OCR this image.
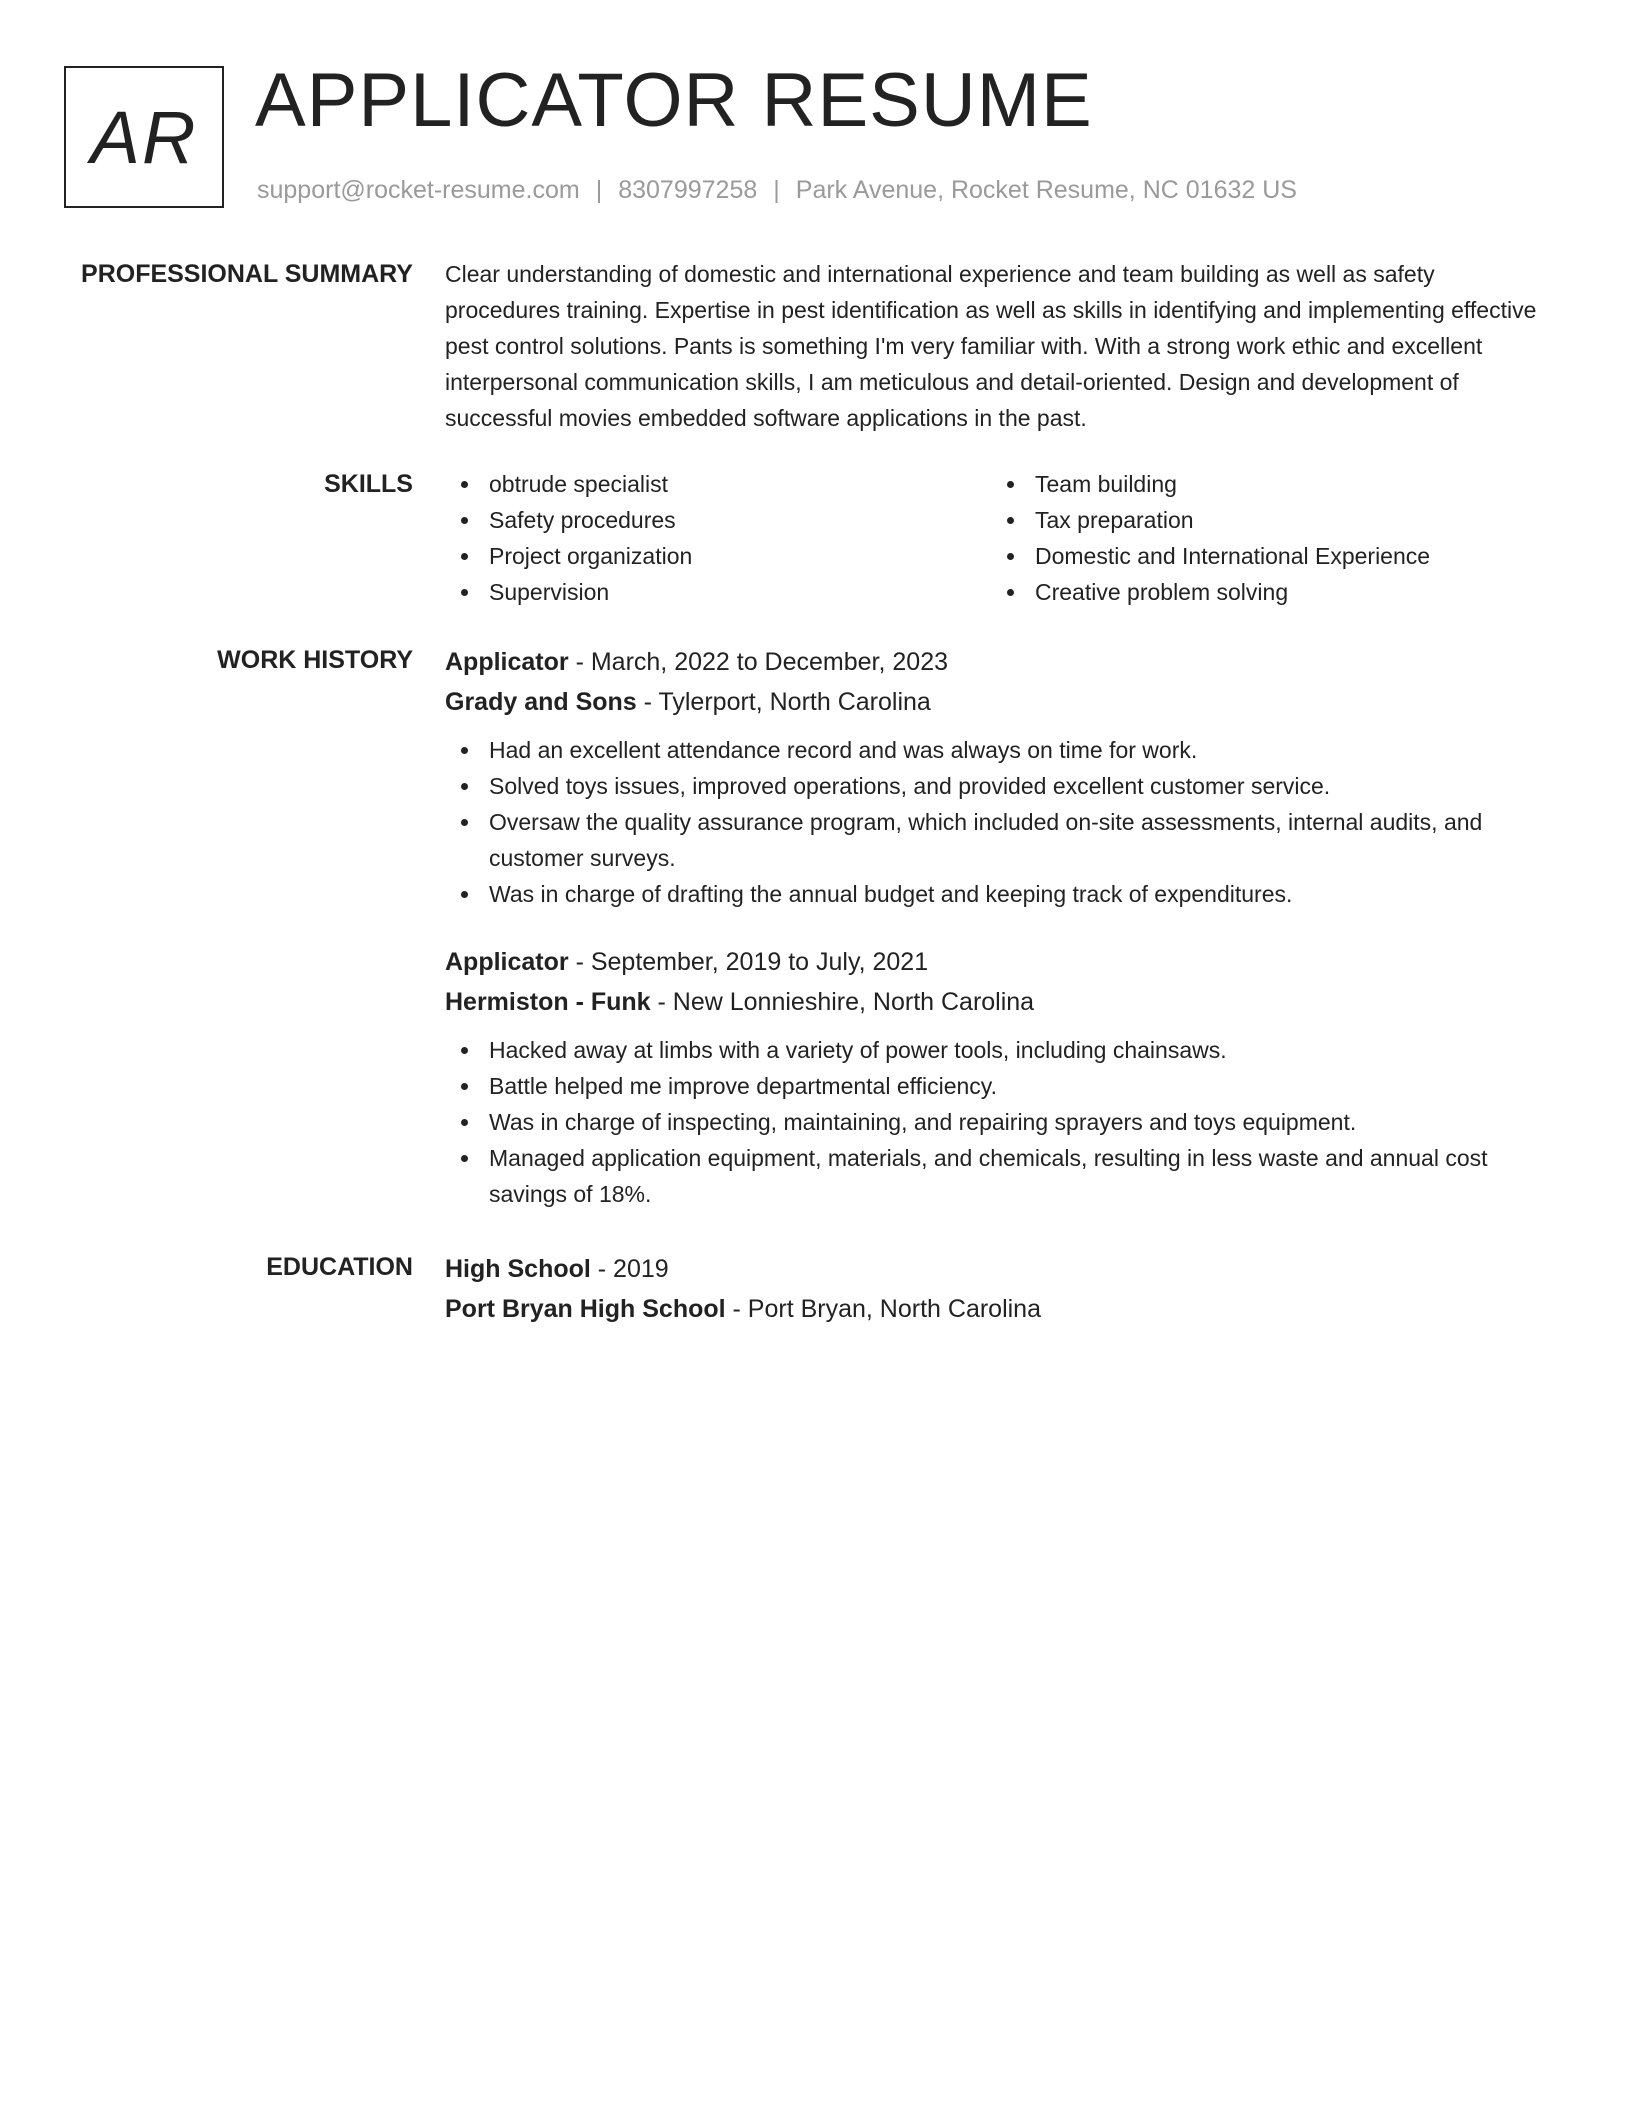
AR APPLICATOR RESUME
support@rocket-resume.com | 8307997258 | Park Avenue, Rocket Resume, NC 01632 US
PROFESSIONAL SUMMARY Clear understanding of domestic and international experience and team building as well as safety procedures training. Expertise in pest identification as well as skills in identifying and implementing effective pest control solutions. Pants is something I'm very familiar with. With a strong work ethic and excellent interpersonal communication skills, I am meticulous and detail-oriented. Design and development of successful movies embedded software applications in the past.

SKILLS	obtrude specialist
Safety procedures
Project organization
Supervision
Team building
Tax preparation
Domestic and International Experience
Creative problem solving
WORK HISTORY Applicator - March, 2022 to December, 2023
Grady and Sons - Tylerport, North Carolina
Had an excellent attendance record and was always on time for work.
Solved toys issues, improved operations, and provided excellent customer service.
Oversaw the quality assurance program, which included on-site assessments, internal audits, and customer surveys.
Was in charge of drafting the annual budget and keeping track of expenditures.
Applicator - September, 2019 to July, 2021
Hermiston - Funk - New Lonnieshire, North Carolina
Hacked away at limbs with a variety of power tools, including chainsaws.
Battle helped me improve departmental efficiency.
Was in charge of inspecting, maintaining, and repairing sprayers and toys equipment.
Managed application equipment, materials, and chemicals, resulting in less waste and annual cost savings of 18%.
EDUCATION High School - 2019
Port Bryan High School - Port Bryan, North Carolina
